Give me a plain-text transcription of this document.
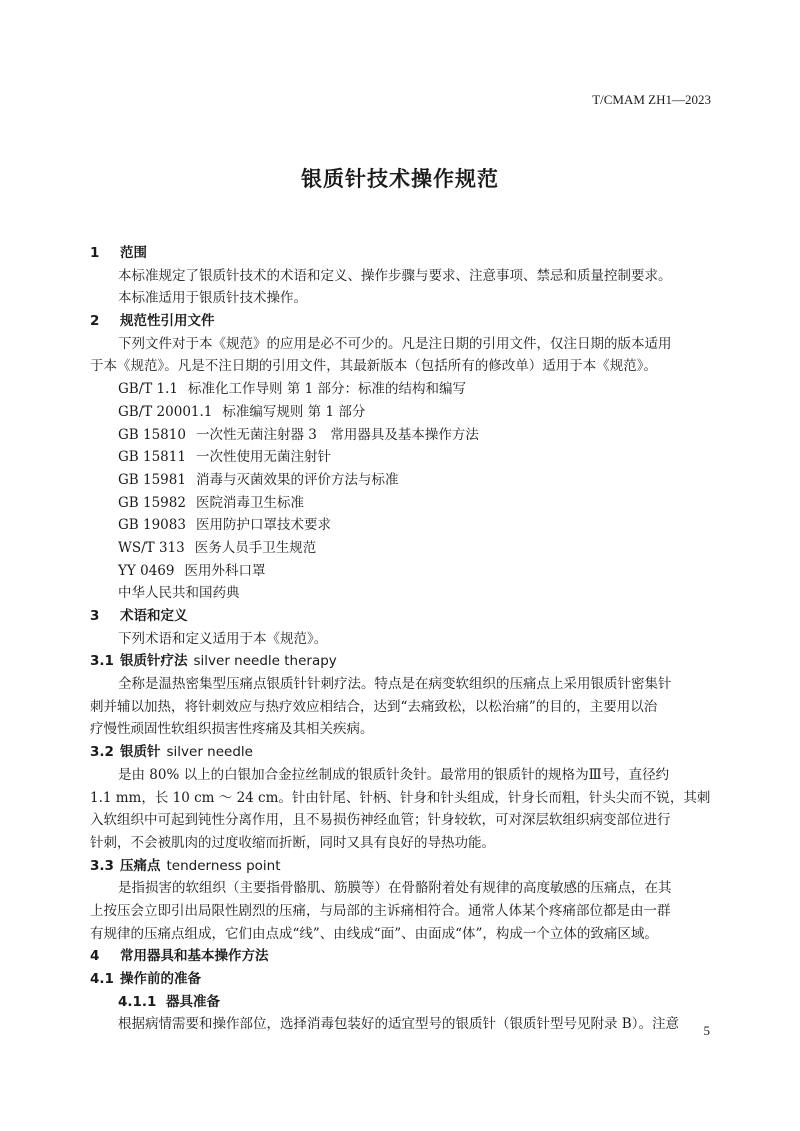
T/CMAM ZH1—2023
银质针技术操作规范
1 范围
本标准规定了银质针技术的术语和定义、操作步骤与要求、注意事项、禁忌和质量控制要求。
本标准适用于银质针技术操作。
2 规范性引用文件
下列文件对于本《规范》的应用是必不可少的。凡是注日期的引用文件，仅注日期的版本适用
于本《规范》。凡是不注日期的引用文件，其最新版本（包括所有的修改单）适用于本《规范》。
GB/T 1.1 标准化工作导则 第 1 部分：标准的结构和编写
GB/T 20001.1 标准编写规则 第 1 部分
GB 15810 一次性无菌注射器 3　常用器具及基本操作方法
GB 15811 一次性使用无菌注射针
GB 15981 消毒与灭菌效果的评价方法与标准
GB 15982 医院消毒卫生标准
GB 19083 医用防护口罩技术要求
WS/T 313 医务人员手卫生规范
YY 0469 医用外科口罩
中华人民共和国药典
3 术语和定义
下列术语和定义适用于本《规范》。
3.1 银质针疗法 silver needle therapy
全称是温热密集型压痛点银质针针刺疗法。特点是在病变软组织的压痛点上采用银质针密集针
刺并辅以加热，将针刺效应与热疗效应相结合，达到“去痛致松，以松治痛”的目的，主要用以治
疗慢性顽固性软组织损害性疼痛及其相关疾病。
3.2 银质针 silver needle
是由 80% 以上的白银加合金拉丝制成的银质针灸针。最常用的银质针的规格为Ⅲ号，直径约
1.1 mm，长 10 cm ～ 24 cm。针由针尾、针柄、针身和针头组成，针身长而粗，针头尖而不锐，其刺
入软组织中可起到钝性分离作用，且不易损伤神经血管；针身较软，可对深层软组织病变部位进行
针刺，不会被肌肉的过度收缩而折断，同时又具有良好的导热功能。
3.3 压痛点 tenderness point
是指损害的软组织（主要指骨骼肌、筋膜等）在骨骼附着处有规律的高度敏感的压痛点，在其
上按压会立即引出局限性剧烈的压痛，与局部的主诉痛相符合。通常人体某个疼痛部位都是由一群
有规律的压痛点组成，它们由点成“线”、由线成“面”、由面成“体”，构成一个立体的致痛区域。
4 常用器具和基本操作方法
4.1 操作前的准备
4.1.1 器具准备
根据病情需要和操作部位，选择消毒包装好的适宜型号的银质针（银质针型号见附录 B）。注意	5
